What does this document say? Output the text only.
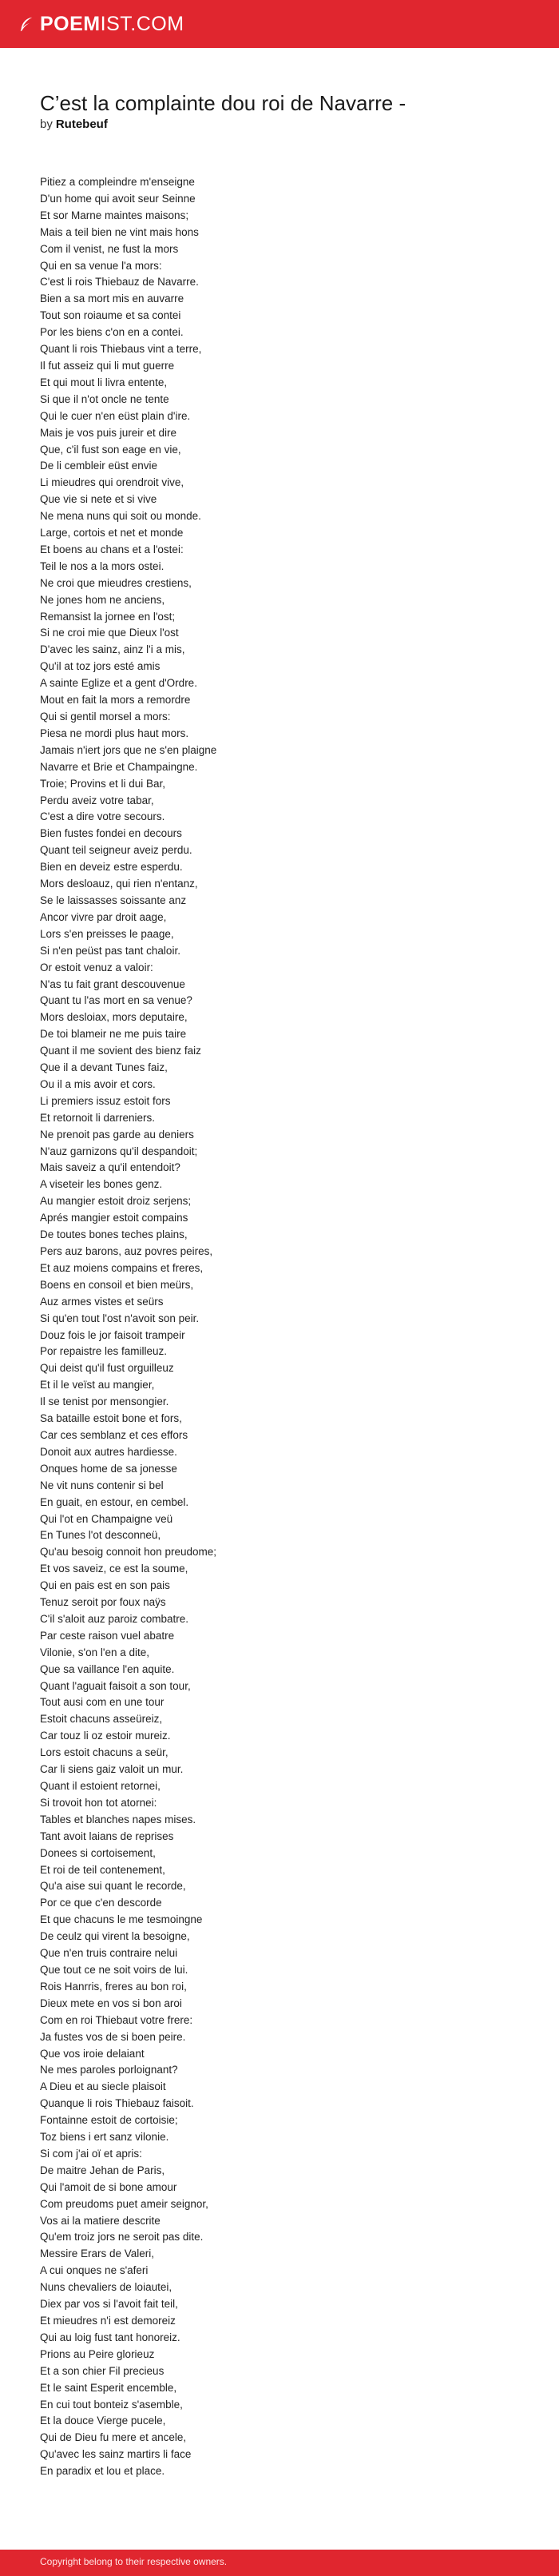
POEMIST.COM
C’est la complainte dou roi de Navarre -
by Rutebeuf
Pitiez a compleindre m'enseigne
D'un home qui avoit seur Seinne
Et sor Marne maintes maisons;
Mais a teil bien ne vint mais hons
Com il venist, ne fust la mors
Qui en sa venue l'a mors:
C'est li rois Thiebauz de Navarre.
Bien a sa mort mis en auvarre
Tout son roiaume et sa contei
Por les biens c'on en a contei.
Quant li rois Thiebaus vint a terre,
Il fut asseiz qui li mut guerre
Et qui mout li livra entente,
Si que il n'ot oncle ne tente
Qui le cuer n'en eüst plain d'ire.
Mais je vos puis jureir et dire
Que, c'il fust son eage en vie,
De li cembleir eüst envie
Li mieudres qui orendroit vive,
Que vie si nete et si vive
Ne mena nuns qui soit ou monde.
Large, cortois et net et monde
Et boens au chans et a l'ostei:
Teil le nos a la mors ostei.
Ne croi que mieudres crestiens,
Ne jones hom ne anciens,
Remansist la jornee en l'ost;
Si ne croi mie que Dieux l'ost
D'avec les sainz, ainz l'i a mis,
Qu'il at toz jors esté amis
A sainte Eglize et a gent d'Ordre.
Mout en fait la mors a remordre
Qui si gentil morsel a mors:
Piesa ne mordi plus haut mors.
Jamais n'iert jors que ne s'en plaigne
Navarre et Brie et Champaingne.
Troie; Provins et li dui Bar,
Perdu aveiz votre tabar,
C'est a dire votre secours.
Bien fustes fondei en decours
Quant teil seigneur aveiz perdu.
Bien en deveiz estre esperdu.
Mors desloauz, qui rien n'entanz,
Se le laissasses soissante anz
Ancor vivre par droit aage,
Lors s'en preisses le paage,
Si n'en peüst pas tant chaloir.
Or estoit venuz a valoir:
N'as tu fait grant descouvenue
Quant tu l'as mort en sa venue?
Mors desloiax, mors deputaire,
De toi blameir ne me puis taire
Quant il me sovient des bienz faiz
Que il a devant Tunes faiz,
Ou il a mis avoir et cors.
Li premiers issuz estoit fors
Et retornoit li darreniers.
Ne prenoit pas garde au deniers
N'auz garnizons qu'il despandoit;
Mais saveiz a qu'il entendoit?
A viseteir les bones genz.
Au mangier estoit droiz serjens;
Aprés mangier estoit compains
De toutes bones teches plains,
Pers auz barons, auz povres peires,
Et auz moiens compains et freres,
Boens en consoil et bien meürs,
Auz armes vistes et seürs
Si qu'en tout l'ost n'avoit son peir.
Douz fois le jor faisoit trampeir
Por repaistre les familleuz.
Qui deist qu'il fust orguilleuz
Et il le veïst au mangier,
Il se tenist por mensongier.
Sa bataille estoit bone et fors,
Car ces semblanz et ces effors
Donoit aux autres hardiesse.
Onques home de sa jonesse
Ne vit nuns contenir si bel
En guait, en estour, en cembel.
Qui l'ot en Champaigne veü
En Tunes l'ot desconneü,
Qu'au besoig connoit hon preudome;
Et vos saveiz, ce est la soume,
Qui en pais est en son pais
Tenuz seroit por foux naÿs
C'il s'aloit auz paroiz combatre.
Par ceste raison vuel abatre
Vilonie, s'on l'en a dite,
Que sa vaillance l'en aquite.
Quant l'aguait faisoit a son tour,
Tout ausi com en une tour
Estoit chacuns asseüreiz,
Car touz li oz estoir mureiz.
Lors estoit chacuns a seür,
Car li siens gaiz valoit un mur.
Quant il estoient retornei,
Si trovoit hon tot atornei:
Tables et blanches napes mises.
Tant avoit laians de reprises
Donees si cortoisement,
Et roi de teil contenement,
Qu'a aise sui quant le recorde,
Por ce que c'en descorde
Et que chacuns le me tesmoingne
De ceulz qui virent la besoigne,
Que n'en truis contraire nelui
Que tout ce ne soit voirs de lui.
Rois Hanrris, freres au bon roi,
Dieux mete en vos si bon aroi
Com en roi Thiebaut votre frere:
Ja fustes vos de si boen peire.
Que vos iroie delaiant
Ne mes paroles porloignant?
A Dieu et au siecle plaisoit
Quanque li rois Thiebauz faisoit.
Fontainne estoit de cortoisie;
Toz biens i ert sanz vilonie.
Si com j'ai oï et apris:
De maitre Jehan de Paris,
Qui l'amoit de si bone amour
Com preudoms puet ameir seignor,
Vos ai la matiere descrite
Qu'em troiz jors ne seroit pas dite.
Messire Erars de Valeri,
A cui onques ne s'aferi
Nuns chevaliers de loiautei,
Diex par vos si l'avoit fait teil,
Et mieudres n'i est demoreiz
Qui au loig fust tant honoreiz.
Prions au Peire glorieuz
Et a son chier Fil precieus
Et le saint Esperit encemble,
En cui tout bonteiz s'asemble,
Et la douce Vierge pucele,
Qui de Dieu fu mere et ancele,
Qu'avec les sainz martirs li face
En paradix et lou et place.
Copyright belong to their respective owners.
